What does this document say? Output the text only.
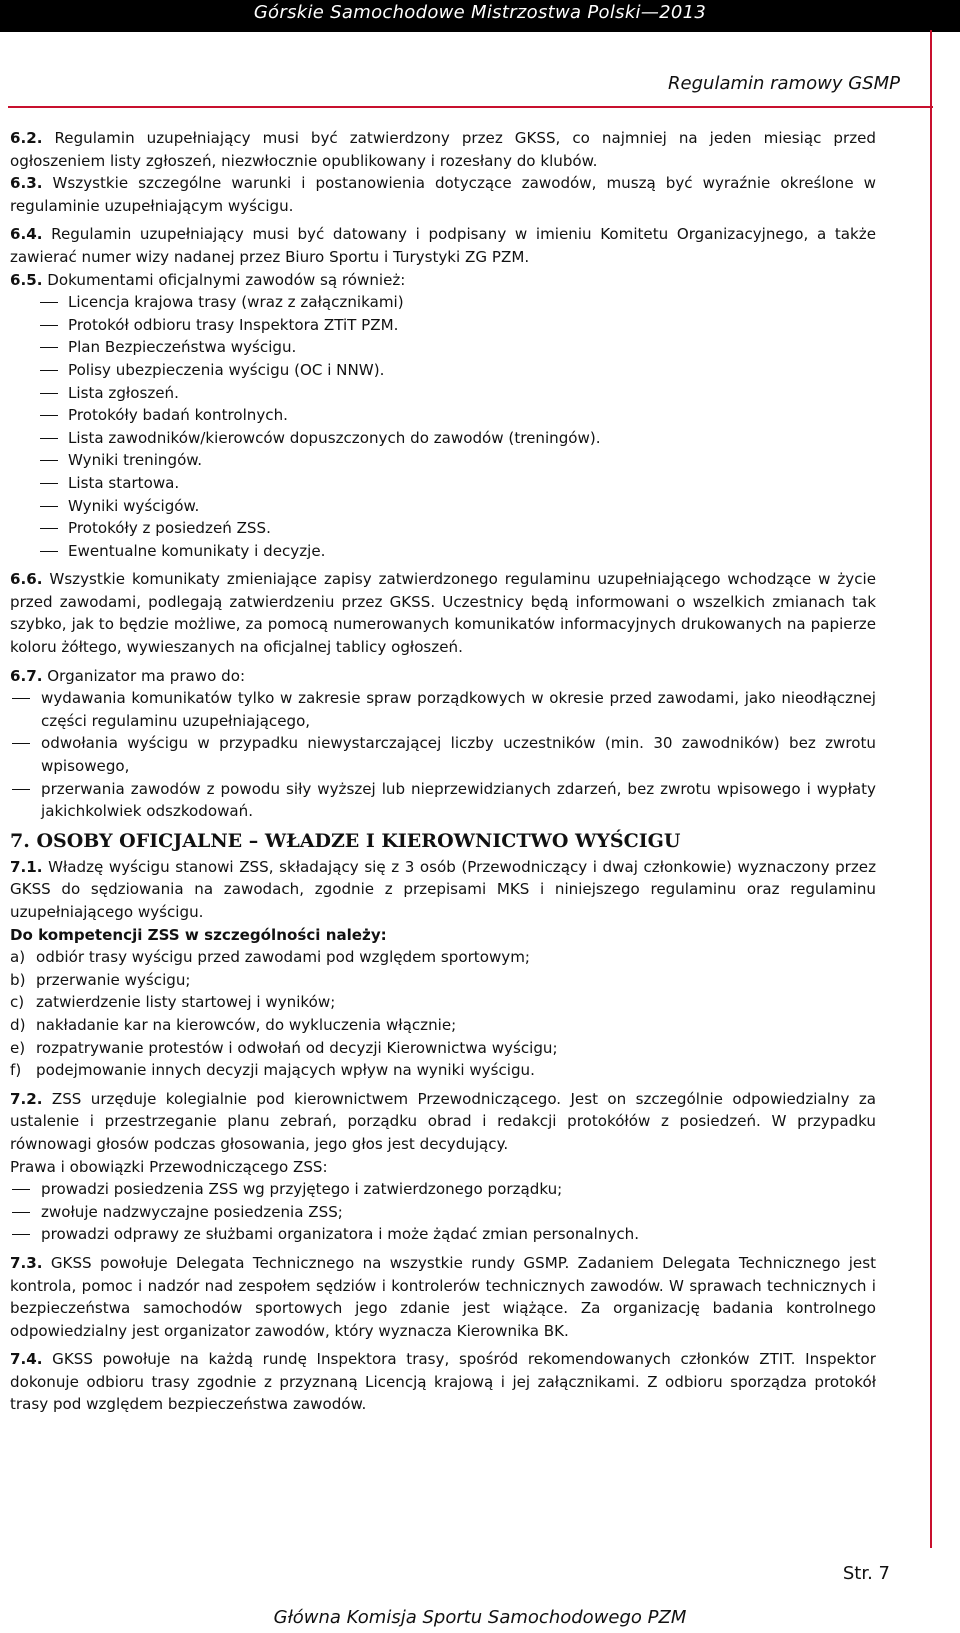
Górskie Samochodowe Mistrzostwa Polski—2013
Regulamin ramowy GSMP

6.2. Regulamin uzupełniający musi być zatwierdzony przez GKSS, co najmniej na jeden miesiąc przed ogłoszeniem listy zgłoszeń, niezwłocznie opublikowany i rozesłany do klubów.

6.3. Wszystkie szczególne warunki i postanowienia dotyczące zawodów, muszą być wyraźnie określone w regulaminie uzupełniającym wyścigu.

6.4. Regulamin uzupełniający musi być datowany i podpisany w imieniu Komitetu Organizacyjnego, a także zawierać numer wizy nadanej przez Biuro Sportu i Turystyki ZG PZM.

6.5. Dokumentami oficjalnymi zawodów są również:

Licencja krajowa trasy (wraz z załącznikami)
Protokół odbioru trasy Inspektora ZTiT PZM.
Plan Bezpieczeństwa wyścigu.
Polisy ubezpieczenia wyścigu (OC i NNW).
Lista zgłoszeń.
Protokóły badań kontrolnych.
Lista zawodników/kierowców dopuszczonych do zawodów (treningów).
Wyniki treningów.
Lista startowa.
Wyniki wyścigów.
Protokóły z posiedzeń ZSS.
Ewentualne komunikaty i decyzje.

6.6. Wszystkie komunikaty zmieniające zapisy zatwierdzonego regulaminu uzupełniającego wchodzące w życie przed zawodami, podlegają zatwierdzeniu przez GKSS. Uczestnicy będą informowani o wszelkich zmianach tak szybko, jak to będzie możliwe, za pomocą numerowanych komunikatów informacyjnych drukowanych na papierze koloru żółtego, wywieszanych na oficjalnej tablicy ogłoszeń.

6.7. Organizator ma prawo do:

wydawania komunikatów tylko w zakresie spraw porządkowych w okresie przed zawodami, jako nieodłącznej części regulaminu uzupełniającego,
odwołania wyścigu w przypadku niewystarczającej liczby uczestników (min. 30 zawodników) bez zwrotu wpisowego,
przerwania zawodów z powodu siły wyższej lub nieprzewidzianych zdarzeń, bez zwrotu wpisowego i wypłaty jakichkolwiek odszkodowań.
7. OSOBY OFICJALNE – WŁADZE I KIEROWNICTWO WYŚCIGU

7.1. Władzę wyścigu stanowi ZSS, składający się z 3 osób (Przewodniczący i dwaj członkowie) wyznaczony przez GKSS do sędziowania na zawodach, zgodnie z przepisami MKS i niniejszego regulaminu oraz regulaminu uzupełniającego wyścigu.

Do kompetencji ZSS w szczególności należy:

a) odbiór trasy wyścigu przed zawodami pod względem sportowym;
b) przerwanie wyścigu;
c) zatwierdzenie listy startowej i wyników;
d) nakładanie kar na kierowców, do wykluczenia włącznie;
e) rozpatrywanie protestów i odwołań od decyzji Kierownictwa wyścigu;
f) podejmowanie innych decyzji mających wpływ na wyniki wyścigu.

7.2. ZSS urzęduje kolegialnie pod kierownictwem Przewodniczącego. Jest on szczególnie odpowiedzialny za ustalenie i przestrzeganie planu zebrań, porządku obrad i redakcji protokółów z posiedzeń. W przypadku równowagi głosów podczas głosowania, jego głos jest decydujący.

Prawa i obowiązki Przewodniczącego ZSS:

prowadzi posiedzenia ZSS wg przyjętego i zatwierdzonego porządku;
zwołuje nadzwyczajne posiedzenia ZSS;
prowadzi odprawy ze służbami organizatora i może żądać zmian personalnych.

7.3. GKSS powołuje Delegata Technicznego na wszystkie rundy GSMP. Zadaniem Delegata Technicznego jest kontrola, pomoc i nadzór nad zespołem sędziów i kontrolerów technicznych zawodów. W sprawach technicznych i bezpieczeństwa samochodów sportowych jego zdanie jest wiążące. Za organizację badania kontrolnego odpowiedzialny jest organizator zawodów, który wyznacza Kierownika BK.

7.4. GKSS powołuje na każdą rundę Inspektora trasy, spośród rekomendowanych członków ZTIT. Inspektor dokonuje odbioru trasy zgodnie z przyznaną Licencją krajową i jej załącznikami. Z odbioru sporządza protokół trasy pod względem bezpieczeństwa zawodów.

Str. 7
Główna Komisja Sportu Samochodowego PZM
